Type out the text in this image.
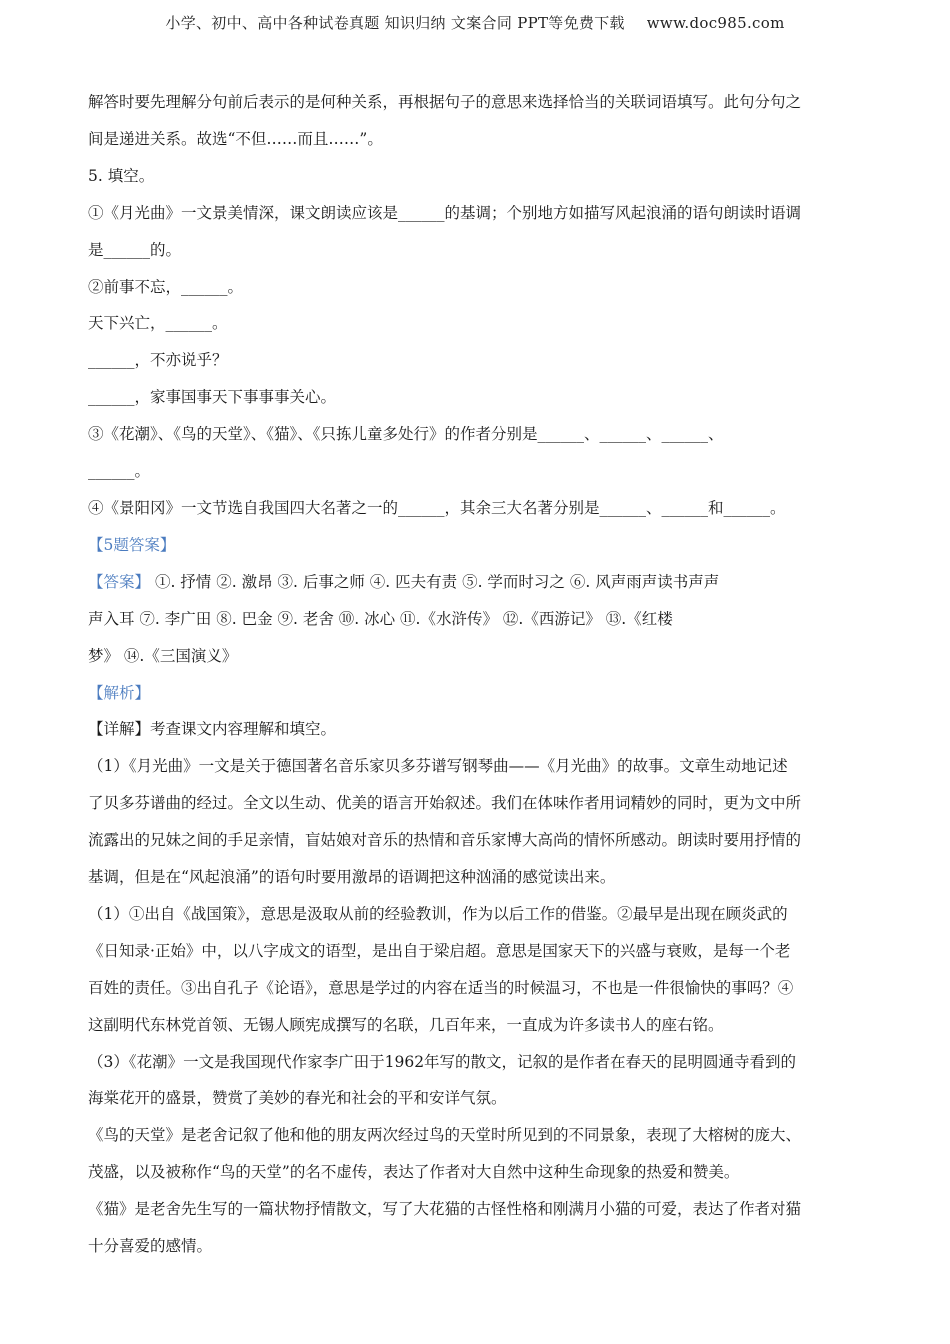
小学、初中、高中各种试卷真题 知识归纳 文案合同 PPT等免费下载 www.doc985.com
解答时要先理解分句前后表示的是何种关系，再根据句子的意思来选择恰当的关联词语填写。此句分句之
间是递进关系。故选“不但……而且……”。
5. 填空。
①《月光曲》一文景美情深，课文朗读应该是______的基调；个别地方如描写风起浪涌的语句朗读时语调
是______的。
②前事不忘，______。
天下兴亡，______。
______，不亦说乎？
______，家事国事天下事事事关心。
③《花潮》、《鸟的天堂》、《猫》、《只拣儿童多处行》的作者分别是______、______、______、
______。
④《景阳冈》一文节选自我国四大名著之一的______，其余三大名著分别是______、______和______。
【5题答案】
【答案】 ①. 抒情 ②. 激昂 ③. 后事之师 ④. 匹夫有责 ⑤. 学而时习之 ⑥. 风声雨声读书声声
声入耳 ⑦. 李广田 ⑧. 巴金 ⑨. 老舍 ⑩. 冰心 ⑪.《水浒传》 ⑫.《西游记》 ⑬.《红楼
梦》 ⑭.《三国演义》
【解析】
【详解】考查课文内容理解和填空。
（1）《月光曲》一文是关于德国著名音乐家贝多芬谱写钢琴曲——《月光曲》的故事。文章生动地记述
了贝多芬谱曲的经过。全文以生动、优美的语言开始叙述。我们在体味作者用词精妙的同时，更为文中所
流露出的兄妹之间的手足亲情，盲姑娘对音乐的热情和音乐家博大高尚的情怀所感动。朗读时要用抒情的
基调，但是在“风起浪涌”的语句时要用激昂的语调把这种汹涌的感觉读出来。
（1）①出自《战国策》，意思是汲取从前的经验教训，作为以后工作的借鉴。②最早是出现在顾炎武的
《日知录·正始》中，以八字成文的语型，是出自于梁启超。意思是国家天下的兴盛与衰败，是每一个老
百姓的责任。③出自孔子《论语》，意思是学过的内容在适当的时候温习，不也是一件很愉快的事吗？④
这副明代东林党首领、无锡人顾宪成撰写的名联，几百年来，一直成为许多读书人的座右铭。
（3）《花潮》一文是我国现代作家李广田于1962年写的散文，记叙的是作者在春天的昆明圆通寺看到的
海棠花开的盛景，赞赏了美妙的春光和社会的平和安详气氛。
《鸟的天堂》是老舍记叙了他和他的朋友两次经过鸟的天堂时所见到的不同景象，表现了大榕树的庞大、
茂盛，以及被称作“鸟的天堂”的名不虚传，表达了作者对大自然中这种生命现象的热爱和赞美。
《猫》是老舍先生写的一篇状物抒情散文，写了大花猫的古怪性格和刚满月小猫的可爱，表达了作者对猫
十分喜爱的感情。
